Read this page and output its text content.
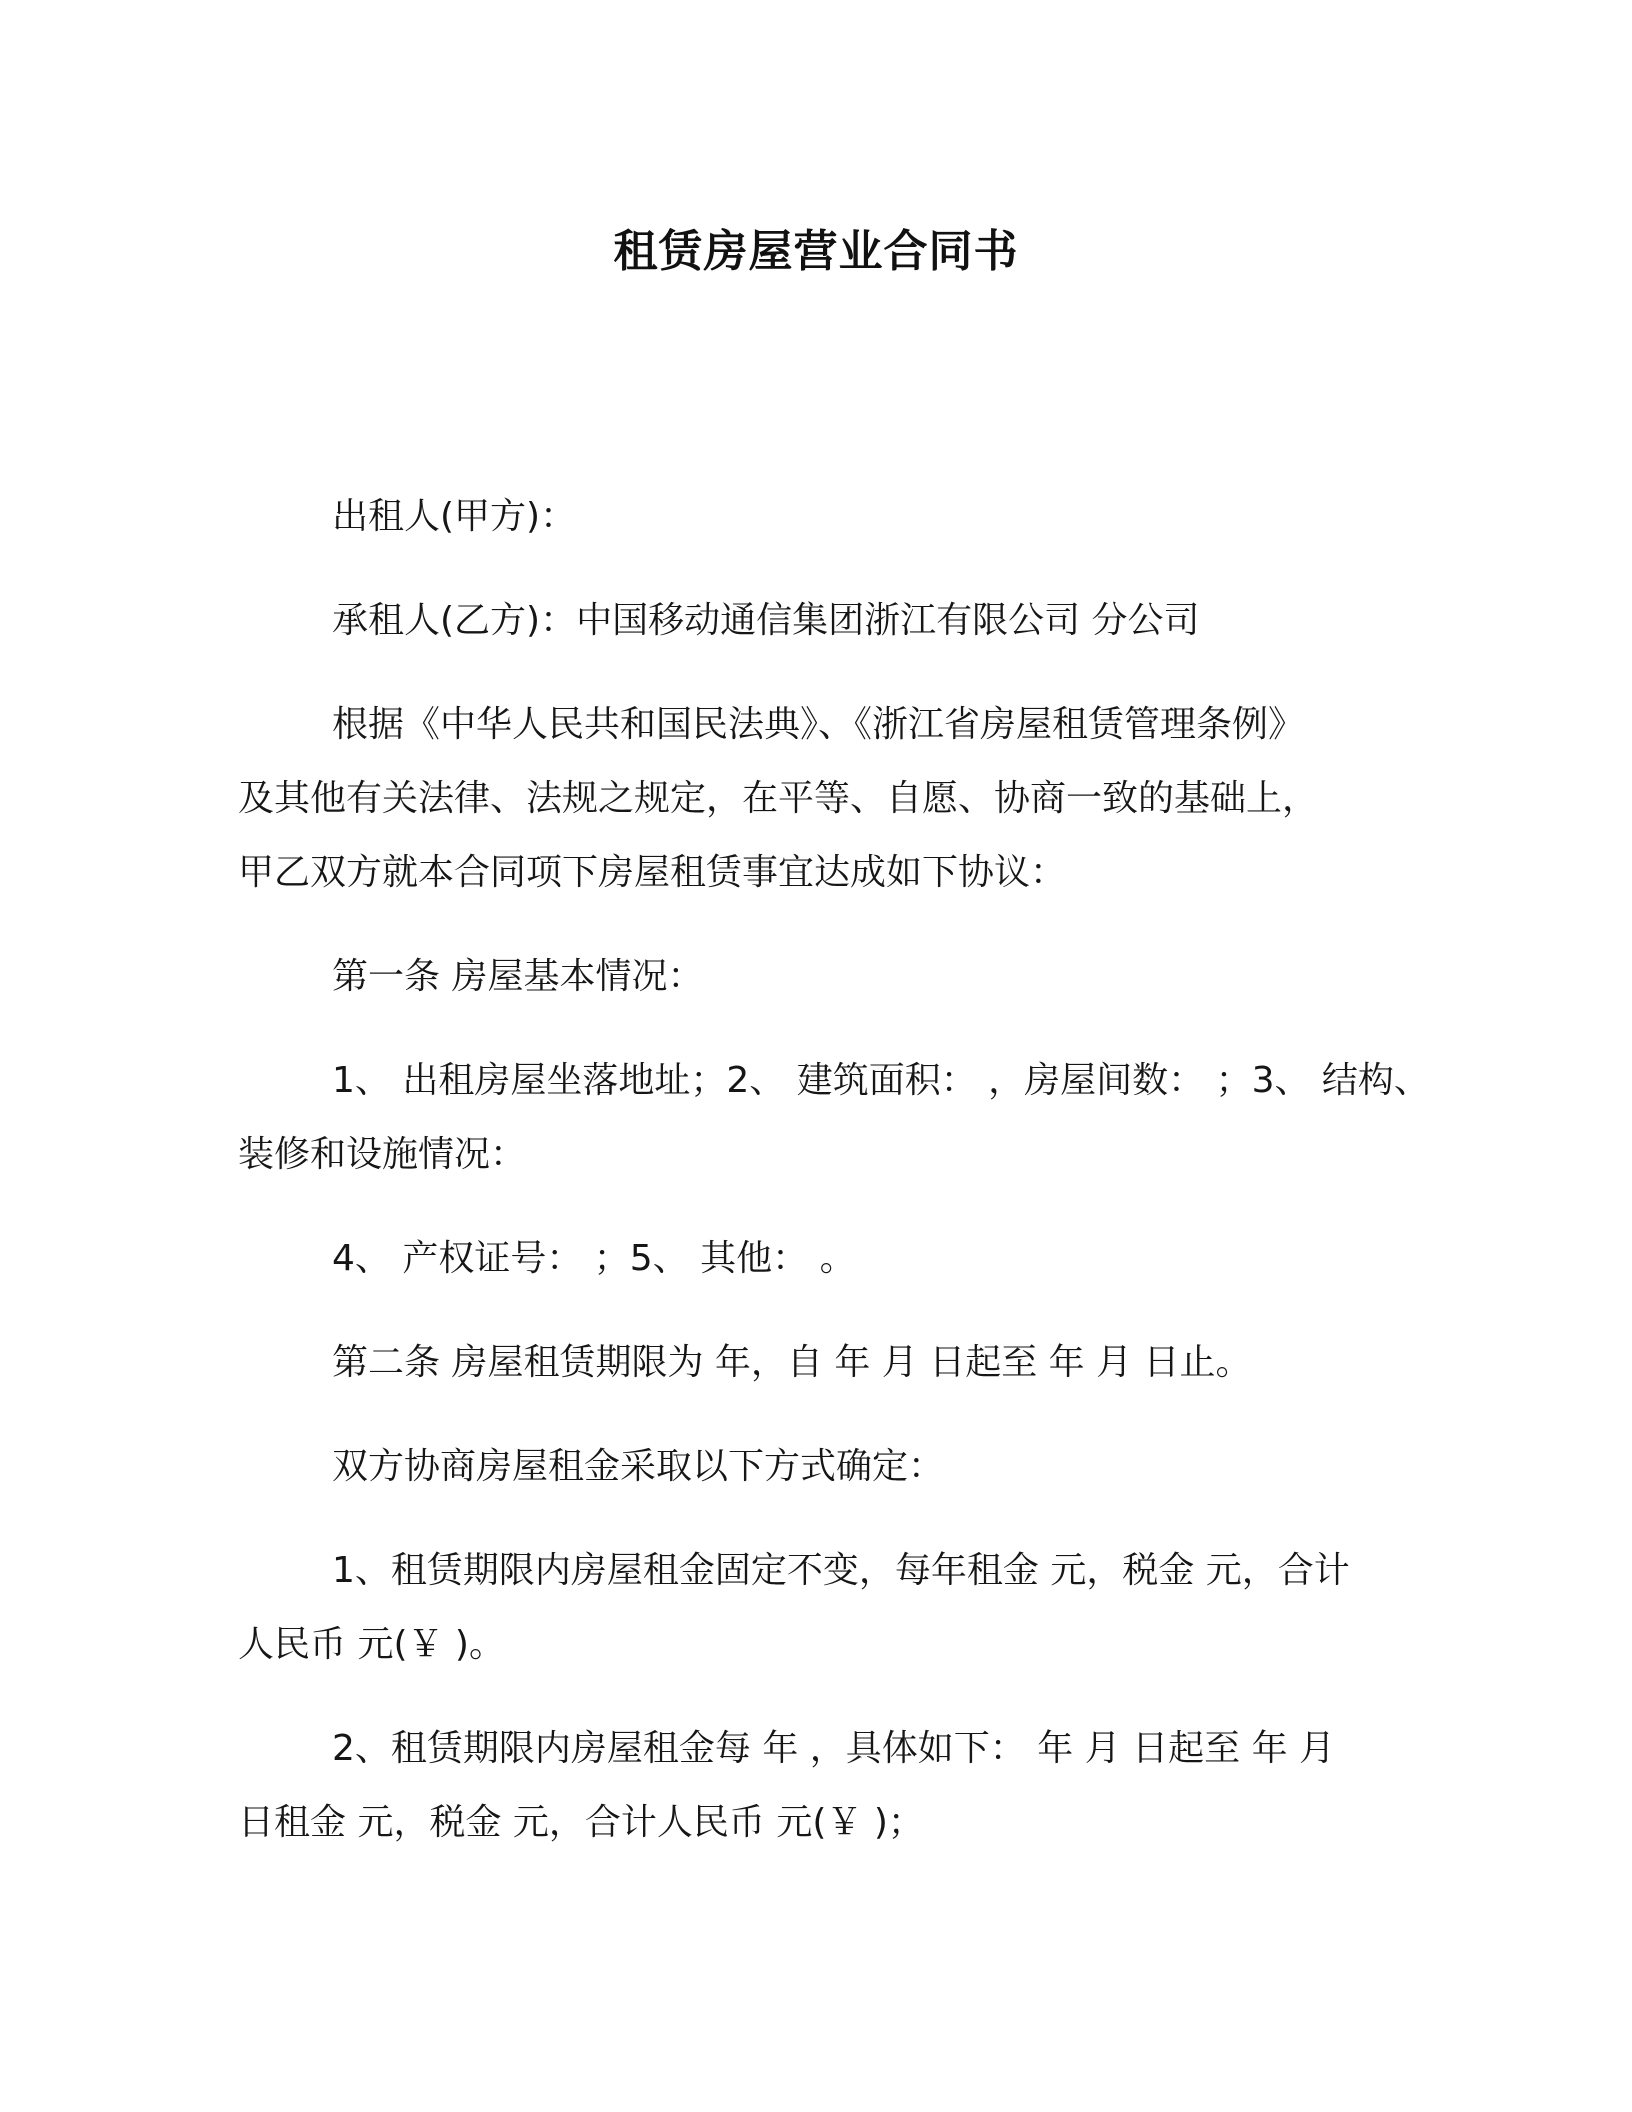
租赁房屋营业合同书
出租人(甲方)：
承租人(乙方)：中国移动通信集团浙江有限公司 分公司
根据《中华人民共和国民法典》、《浙江省房屋租赁管理条例》
及其他有关法律、法规之规定，在平等、自愿、协商一致的基础上，
甲乙双方就本合同项下房屋租赁事宜达成如下协议：
第一条 房屋基本情况：
1、 出租房屋坐落地址；2、 建筑面积： ，房屋间数： ；3、 结构、
装修和设施情况：
4、 产权证号： ；5、 其他： 。
第二条 房屋租赁期限为 年，自 年 月 日起至 年 月 日止。
双方协商房屋租金采取以下方式确定：
1、租赁期限内房屋租金固定不变，每年租金 元，税金 元，合计
人民币 元(￥ )。
2、租赁期限内房屋租金每 年 ，具体如下： 年 月 日起至 年 月
日租金 元，税金 元，合计人民币 元(￥ )；
